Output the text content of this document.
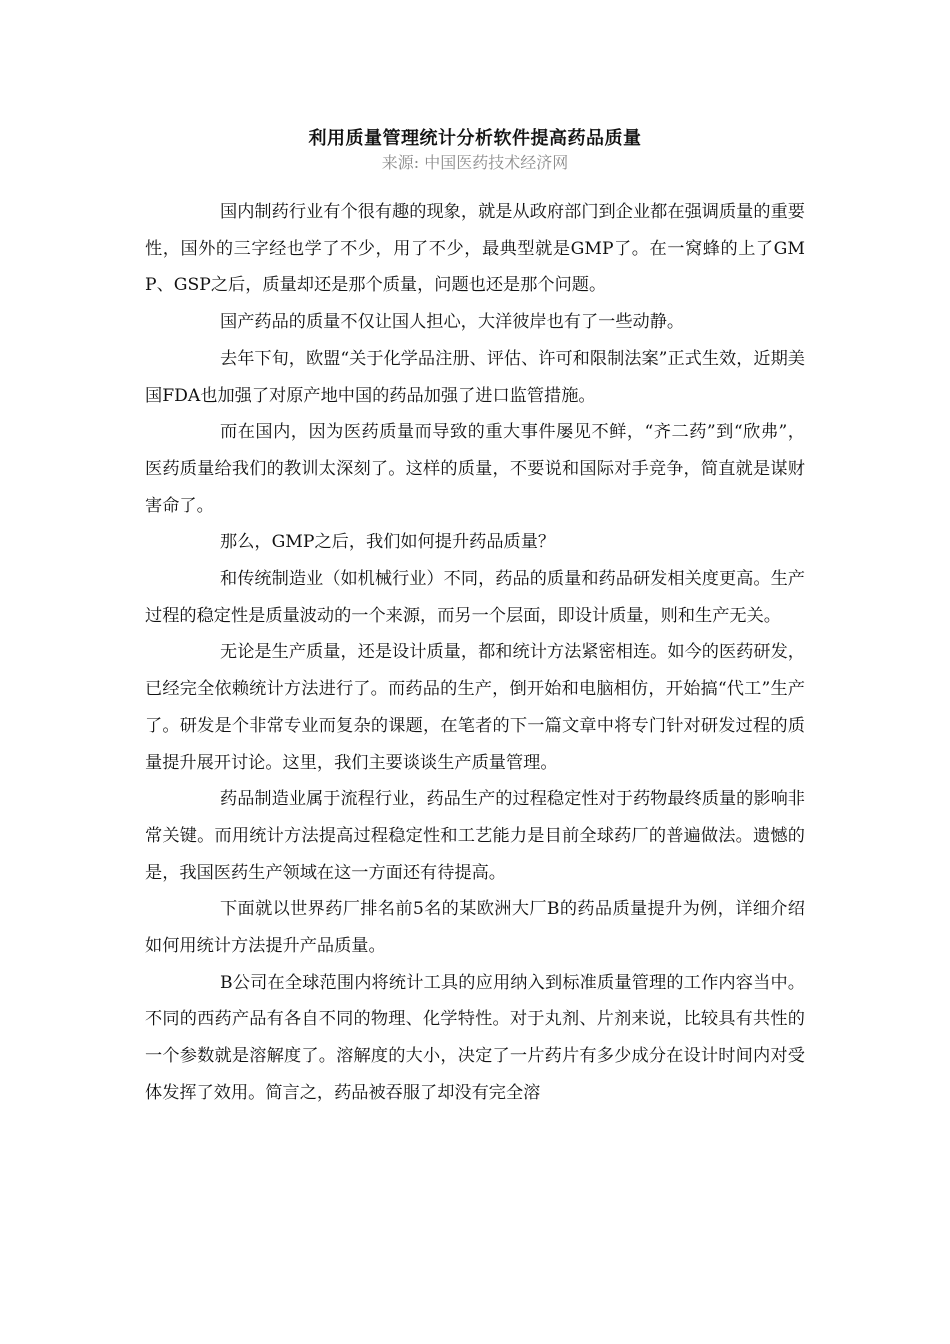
利用质量管理统计分析软件提高药品质量
来源: 中国医药技术经济网

国内制药行业有个很有趣的现象，就是从政府部门到企业都在强调质量的重要性，国外的三字经也学了不少，用了不少，最典型就是GMP了。在一窝蜂的上了GMP、GSP之后，质量却还是那个质量，问题也还是那个问题。

国产药品的质量不仅让国人担心，大洋彼岸也有了一些动静。

去年下旬，欧盟“关于化学品注册、评估、许可和限制法案”正式生效，近期美国FDA也加强了对原产地中国的药品加强了进口监管措施。

而在国内，因为医药质量而导致的重大事件屡见不鲜，“齐二药”到“欣弗”，医药质量给我们的教训太深刻了。这样的质量，不要说和国际对手竞争，简直就是谋财害命了。

那么，GMP之后，我们如何提升药品质量？

和传统制造业（如机械行业）不同，药品的质量和药品研发相关度更高。生产过程的稳定性是质量波动的一个来源，而另一个层面，即设计质量，则和生产无关。

无论是生产质量，还是设计质量，都和统计方法紧密相连。如今的医药研发，已经完全依赖统计方法进行了。而药品的生产，倒开始和电脑相仿，开始搞“代工”生产了。研发是个非常专业而复杂的课题，在笔者的下一篇文章中将专门针对研发过程的质量提升展开讨论。这里，我们主要谈谈生产质量管理。

药品制造业属于流程行业，药品生产的过程稳定性对于药物最终质量的影响非常关键。而用统计方法提高过程稳定性和工艺能力是目前全球药厂的普遍做法。遗憾的是，我国医药生产领域在这一方面还有待提高。

下面就以世界药厂排名前5名的某欧洲大厂B的药品质量提升为例，详细介绍如何用统计方法提升产品质量。

B公司在全球范围内将统计工具的应用纳入到标准质量管理的工作内容当中。不同的西药产品有各自不同的物理、化学特性。对于丸剂、片剂来说，比较具有共性的一个参数就是溶解度了。溶解度的大小，决定了一片药片有多少成分在设计时间内对受体发挥了效用。简言之，药品被吞服了却没有完全溶
